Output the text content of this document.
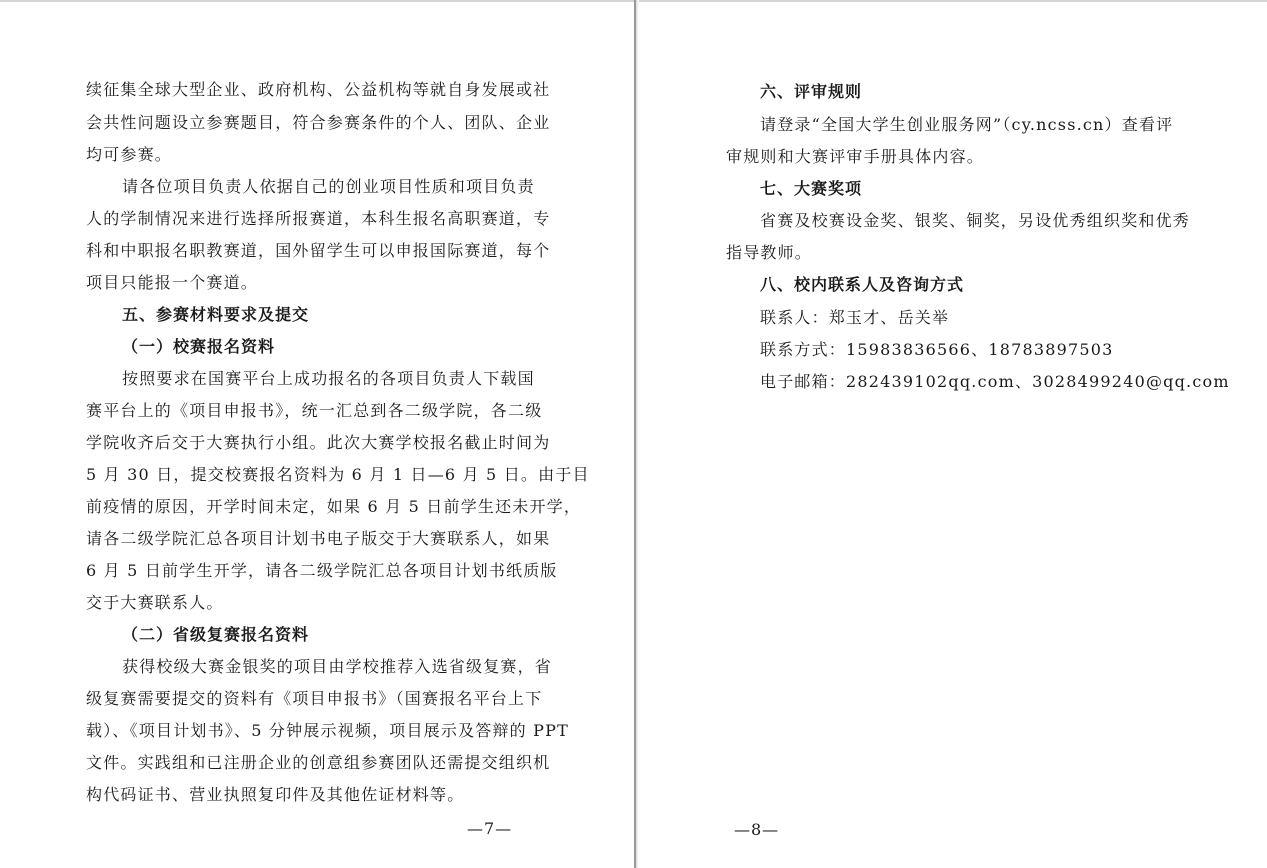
续征集全球大型企业、政府机构、公益机构等就自身发展或社
会共性问题设立参赛题目，符合参赛条件的个人、团队、企业
均可参赛。
请各位项目负责人依据自己的创业项目性质和项目负责
人的学制情况来进行选择所报赛道，本科生报名高职赛道，专
科和中职报名职教赛道，国外留学生可以申报国际赛道，每个
项目只能报一个赛道。
五、参赛材料要求及提交
（一）校赛报名资料
按照要求在国赛平台上成功报名的各项目负责人下载国
赛平台上的《项目申报书》，统一汇总到各二级学院，各二级
学院收齐后交于大赛执行小组。此次大赛学校报名截止时间为
5 月 30 日，提交校赛报名资料为 6 月 1 日—6 月 5 日。由于目
前疫情的原因，开学时间未定，如果 6 月 5 日前学生还未开学，
请各二级学院汇总各项目计划书电子版交于大赛联系人，如果
6 月 5 日前学生开学，请各二级学院汇总各项目计划书纸质版
交于大赛联系人。
（二）省级复赛报名资料
获得校级大赛金银奖的项目由学校推荐入选省级复赛，省
级复赛需要提交的资料有《项目申报书》（国赛报名平台上下
载）、《项目计划书》、5 分钟展示视频，项目展示及答辩的 PPT
文件。实践组和已注册企业的创意组参赛团队还需提交组织机
构代码证书、营业执照复印件及其他佐证材料等。
—7—
六、评审规则
请登录“全国大学生创业服务网”（cy.ncss.cn）查看评
审规则和大赛评审手册具体内容。
七、大赛奖项
省赛及校赛设金奖、银奖、铜奖，另设优秀组织奖和优秀
指导教师。
八、校内联系人及咨询方式
联系人：郑玉才、岳关举
联系方式：15983836566、18783897503
电子邮箱：282439102qq.com、3028499240@qq.com
—8—
